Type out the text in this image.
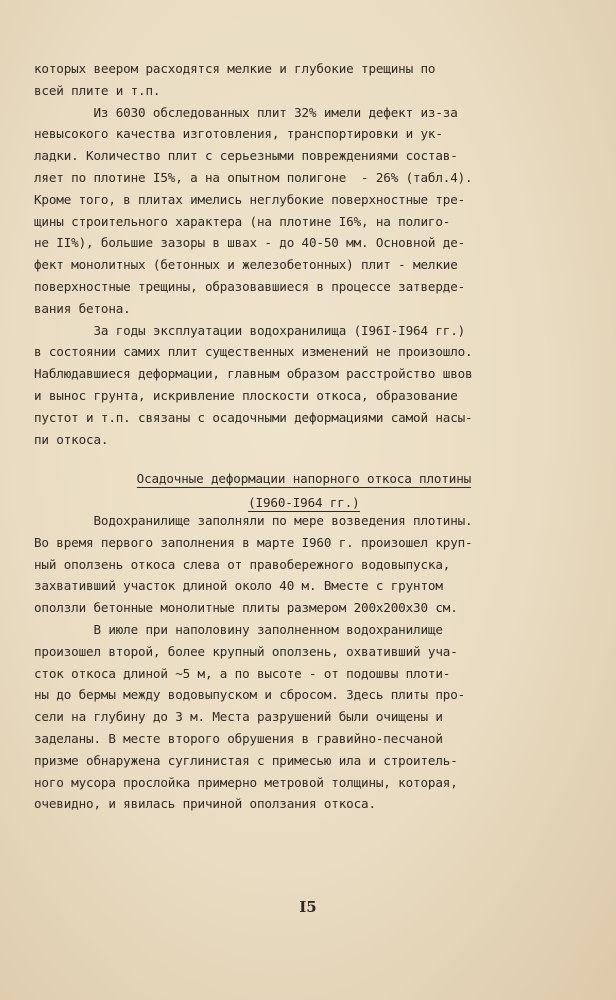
которых веером расходятся мелкие и глубокие трещины по
всей плите и т.п.
Из 6030 обследованных плит 32% имели дефект из-за
невысокого качества изготовления, транспортировки и ук-
ладки. Количество плит с серьезными повреждениями состав-
ляет по плотине I5%, а на опытном полигоне  - 26% (табл.4).
Кроме того, в плитах имелись неглубокие поверхностные тре-
щины строительного характера (на плотине I6%, на полиго-
не II%), большие зазоры в швах - до 40-50 мм. Основной де-
фект монолитных (бетонных и железобетонных) плит - мелкие
поверхностные трещины, образовавшиеся в процессе затверде-
вания бетона.
За годы эксплуатации водохранилища (I96I-I964 гг.)
в состоянии самих плит существенных изменений не произошло.
Наблюдавшиеся деформации, главным образом расстройство швов
и вынос грунта, искривление плоскости откоса, образование
пустот и т.п. связаны с осадочными деформациями самой насы-
пи откоса.

Осадочные деформации напорного откоса плотины

(I960-I964 гг.)

Водохранилище заполняли по мере возведения плотины.
Во время первого заполнения в марте I960 г. произошел круп-
ный оползень откоса слева от правобережного водовыпуска,
захвативший участок длиной около 40 м. Вместе с грунтом
оползли бетонные монолитные плиты размером 200х200х30 см.
В июле при наполовину заполненном водохранилище
произошел второй, более крупный оползень, охвативший уча-
сток откоса длиной ~5 м, а по высоте - от подошвы плоти-
ны до бермы между водовыпуском и сбросом. Здесь плиты про-
сели на глубину до 3 м. Места разрушений были очищены и
заделаны. В месте второго обрушения в гравийно-песчаной
призме обнаружена суглинистая с примесью ила и строитель-
ного мусора прослойка примерно метровой толщины, которая,
очевидно, и явилась причиной оползания откоса.
I5
